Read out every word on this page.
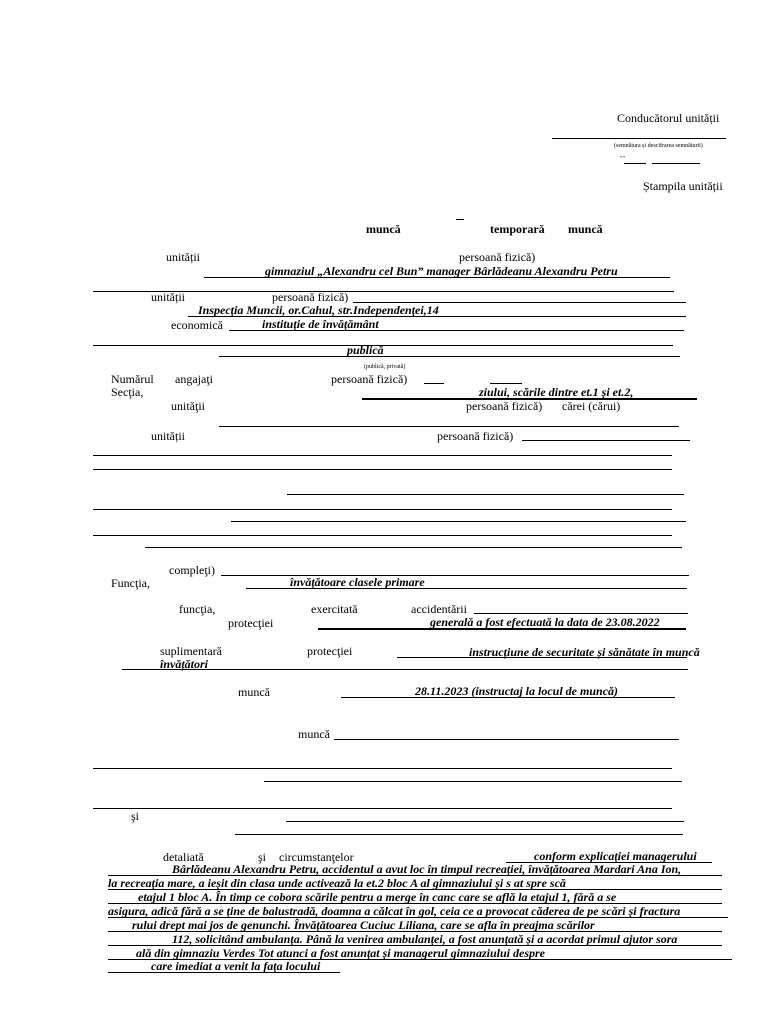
Conducătorul unității
(semnătura și descifrarea semnăturii)
""
Ștampila unității
muncă	temporară muncă
unității	persoană fizică)
gimnaziul „Alexandru cel Bun” manager Bârlădeanu Alexandru Petru
unității	persoană fizică)
Inspecția Muncii, or.Cahul, str.Independenței,14
economică	instituție de învățământ
publică
(publică, privată)
Numărul angajaţi	persoană fizică)
Secţia,	ziului, scările dintre et.1 și et.2,
unităţii	persoană fizică) cărei (cărui)
unității	persoană fizică)
compleţi)
Funcţia,	învățătoare clasele primare
funcţia,	exercitată	accidentării
protecţiei	generală a fost efectuată la data de 23.08.2022
suplimentară	protecţiei	instrucțiune de securitate și sănătate în muncă
învățători
muncă	28.11.2023 (instructaj la locul de muncă)
muncă
şi
detaliată	şi circumstanţelor	conform explicației managerului
Bârlădeanu Alexandru Petru, accidentul a avut loc în timpul recreației, învățătoarea Mardari Ana Ion,
la recreația mare, a ieșit din clasa unde activează la et.2 bloc A al gimnaziului și s at spre scă
etajul 1 bloc A. În timp ce cobora scările pentru a merge în canc care se află la etajul 1, fără a se
asigura, adică fără a se ține de balustradă, doamna a călcat în gol, ceia ce a provocat căderea de pe scări și fractura
rului drept mai jos de genunchi. Învățătoarea Cuciuc Liliana, care se afla în preajma scărilor
112, solicitând ambulanța. Până la venirea ambulanței, a fost anunțată și a acordat primul ajutor sora
ală din gimnaziu Verdes Tot atunci a fost anunțat și managerul gimnaziului despre
care imediat a venit la fața locului
